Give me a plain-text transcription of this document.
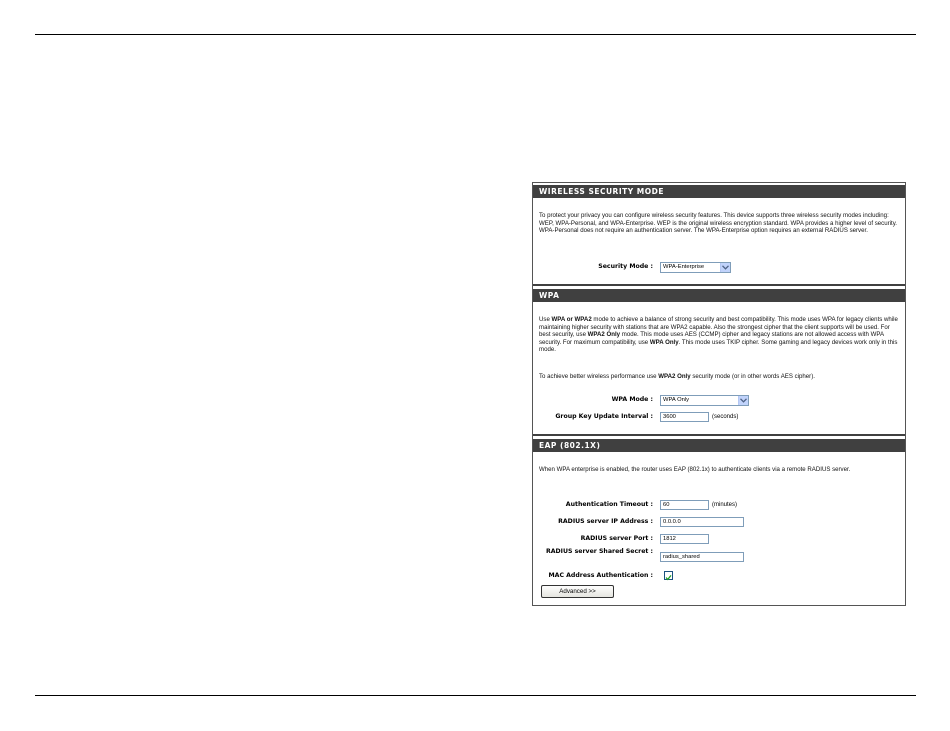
WIRELESS SECURITY MODE
To protect your privacy you can configure wireless security features. This device supports three wireless security modes including: WEP, WPA-Personal, and WPA-Enterprise. WEP is the original wireless encryption standard. WPA provides a higher level of security. WPA-Personal does not require an authentication server. The WPA-Enterprise option requires an external RADIUS server.
Security Mode :	WPA-Enterprise
WPA
Use WPA or WPA2 mode to achieve a balance of strong security and best compatibility. This mode uses WPA for legacy clients while maintaining higher security with stations that are WPA2 capable. Also the strongest cipher that the client supports will be used. For best security, use WPA2 Only mode. This mode uses AES (CCMP) cipher and legacy stations are not allowed access with WPA security. For maximum compatibility, use WPA Only. This mode uses TKIP cipher. Some gaming and legacy devices work only in this mode.
To achieve better wireless performance use WPA2 Only security mode (or in other words AES cipher).
WPA Mode :	WPA Only
Group Key Update Interval :	3600	(seconds)
EAP (802.1X)
When WPA enterprise is enabled, the router uses EAP (802.1x) to authenticate clients via a remote RADIUS server.
Authentication Timeout :	60	(minutes)
RADIUS server IP Address :	0.0.0.0
RADIUS server Port :	1812
RADIUS server Shared Secret :
radius_shared
MAC Address Authentication :
Advanced >>
